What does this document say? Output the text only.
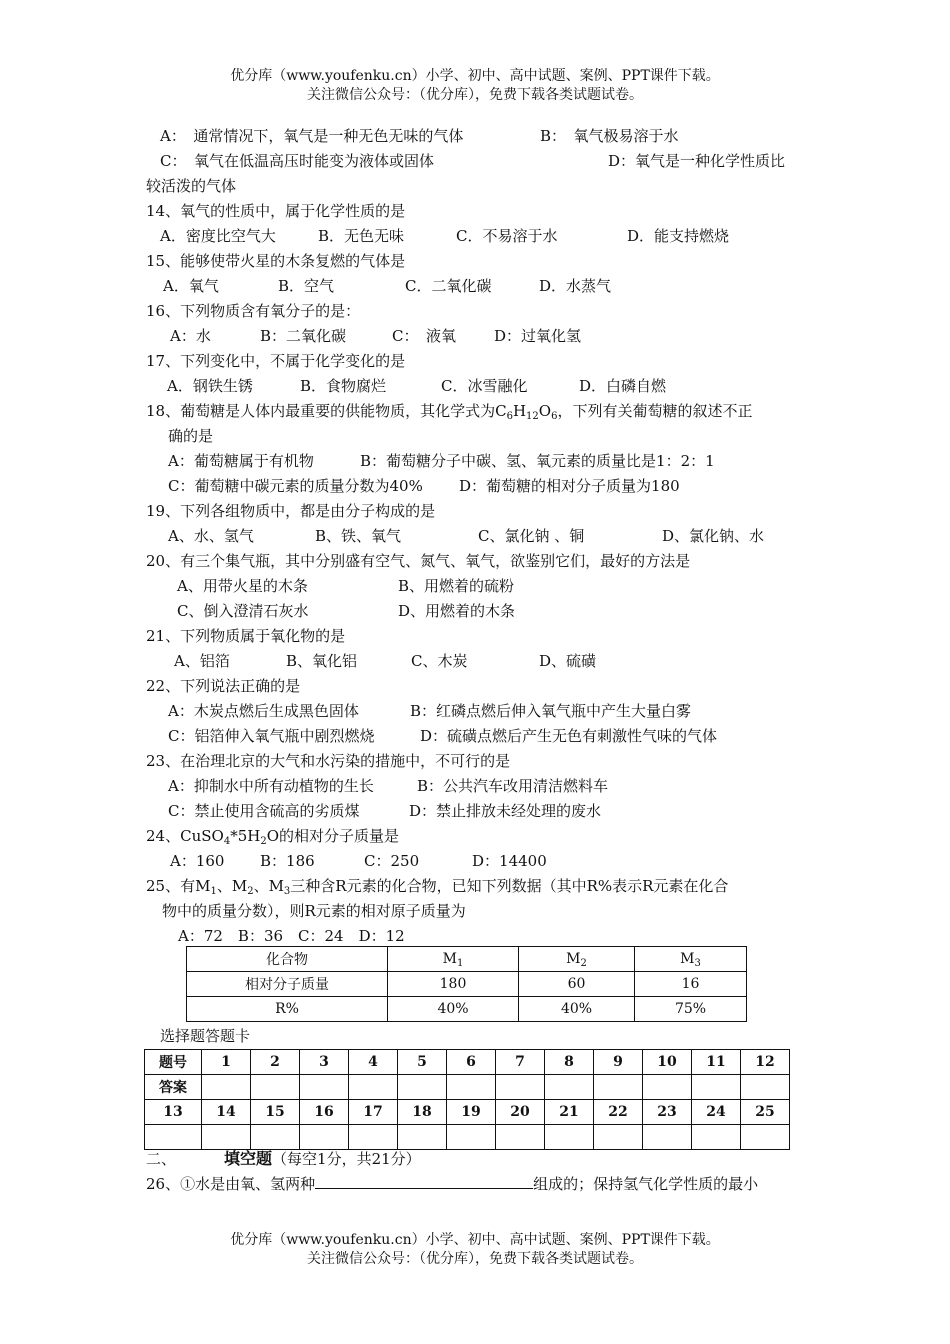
优分库（www.youfenku.cn）小学、初中、高中试题、案例、PPT课件下载。
关注微信公众号：（优分库），免费下载各类试题试卷。
A：　通常情况下，氧气是一种无色无味的气体	B：　氧气极易溶于水
C：　氧气在低温高压时能变为液体或固体	D：氧气是一种化学性质比
较活泼的气体
14、氧气的性质中，属于化学性质的是
A．密度比空气大	B．无色无味	C．不易溶于水	D．能支持燃烧
15、能够使带火星的木条复燃的气体是
A．氧气	B．空气	C．二氧化碳	D．水蒸气
16、下列物质含有氧分子的是：
A：水	B：二氧化碳	C：　液氧	D：过氧化氢
17、下列变化中，不属于化学变化的是
A．钢铁生锈	B．食物腐烂	C．冰雪融化	D．白磷自燃
18、葡萄糖是人体内最重要的供能物质，其化学式为$C_6H_{12}O_6$，下列有关葡萄糖的叙述不正
确的是
A：葡萄糖属于有机物	B：葡萄糖分子中碳、氢、氧元素的质量比是1：2：1
C：葡萄糖中碳元素的质量分数为40% D：葡萄糖的相对分子质量为180
19、下列各组物质中，都是由分子构成的是
A、水、氢气	B、铁、氧气	C、氯化钠 、铜	D、氯化钠、水
20、有三个集气瓶，其中分别盛有空气、氮气、氧气，欲鉴别它们，最好的方法是
A、用带火星的木条	B、用燃着的硫粉
C、倒入澄清石灰水	D、用燃着的木条
21、下列物质属于氧化物的是
A、铝箔	B、氧化铝	C、木炭	D、硫磺
22、下列说法正确的是
A：木炭点燃后生成黑色固体	B：红磷点燃后伸入氧气瓶中产生大量白雾
C：铝箔伸入氧气瓶中剧烈燃烧	D：硫磺点燃后产生无色有刺激性气味的气体
23、在治理北京的大气和水污染的措施中，不可行的是
A：抑制水中所有动植物的生长	B：公共汽车改用清洁燃料车
C：禁止使用含硫高的劣质煤	D：禁止排放未经处理的废水
24、$CuSO_4*5H_2O$的相对分子质量是
A：160 B：186	C：250	D：14400
25、有$M_1$、$M_2$、$M_3$三种含R元素的化合物，已知下列数据（其中R%表示R元素在化合
物中的质量分数），则R元素的相对原子质量为
A：72　B：36　C：24　D：12
化合物	$M_1$	$M_2$	$M_3$
相对分子质量	180	60	16
R%	40%	40%	75%
选择题答题卡
题号	1	2	3	4	5	6	7	8	9	10	11	12
答案												
13	14	15	16	17	18	19	20	21	22	23	24	25

二、	填空题（每空1分，共21分）
26、①水是由氧、氢两种	组成的；保持氢气化学性质的最小
优分库（www.youfenku.cn）小学、初中、高中试题、案例、PPT课件下载。
关注微信公众号：（优分库），免费下载各类试题试卷。
